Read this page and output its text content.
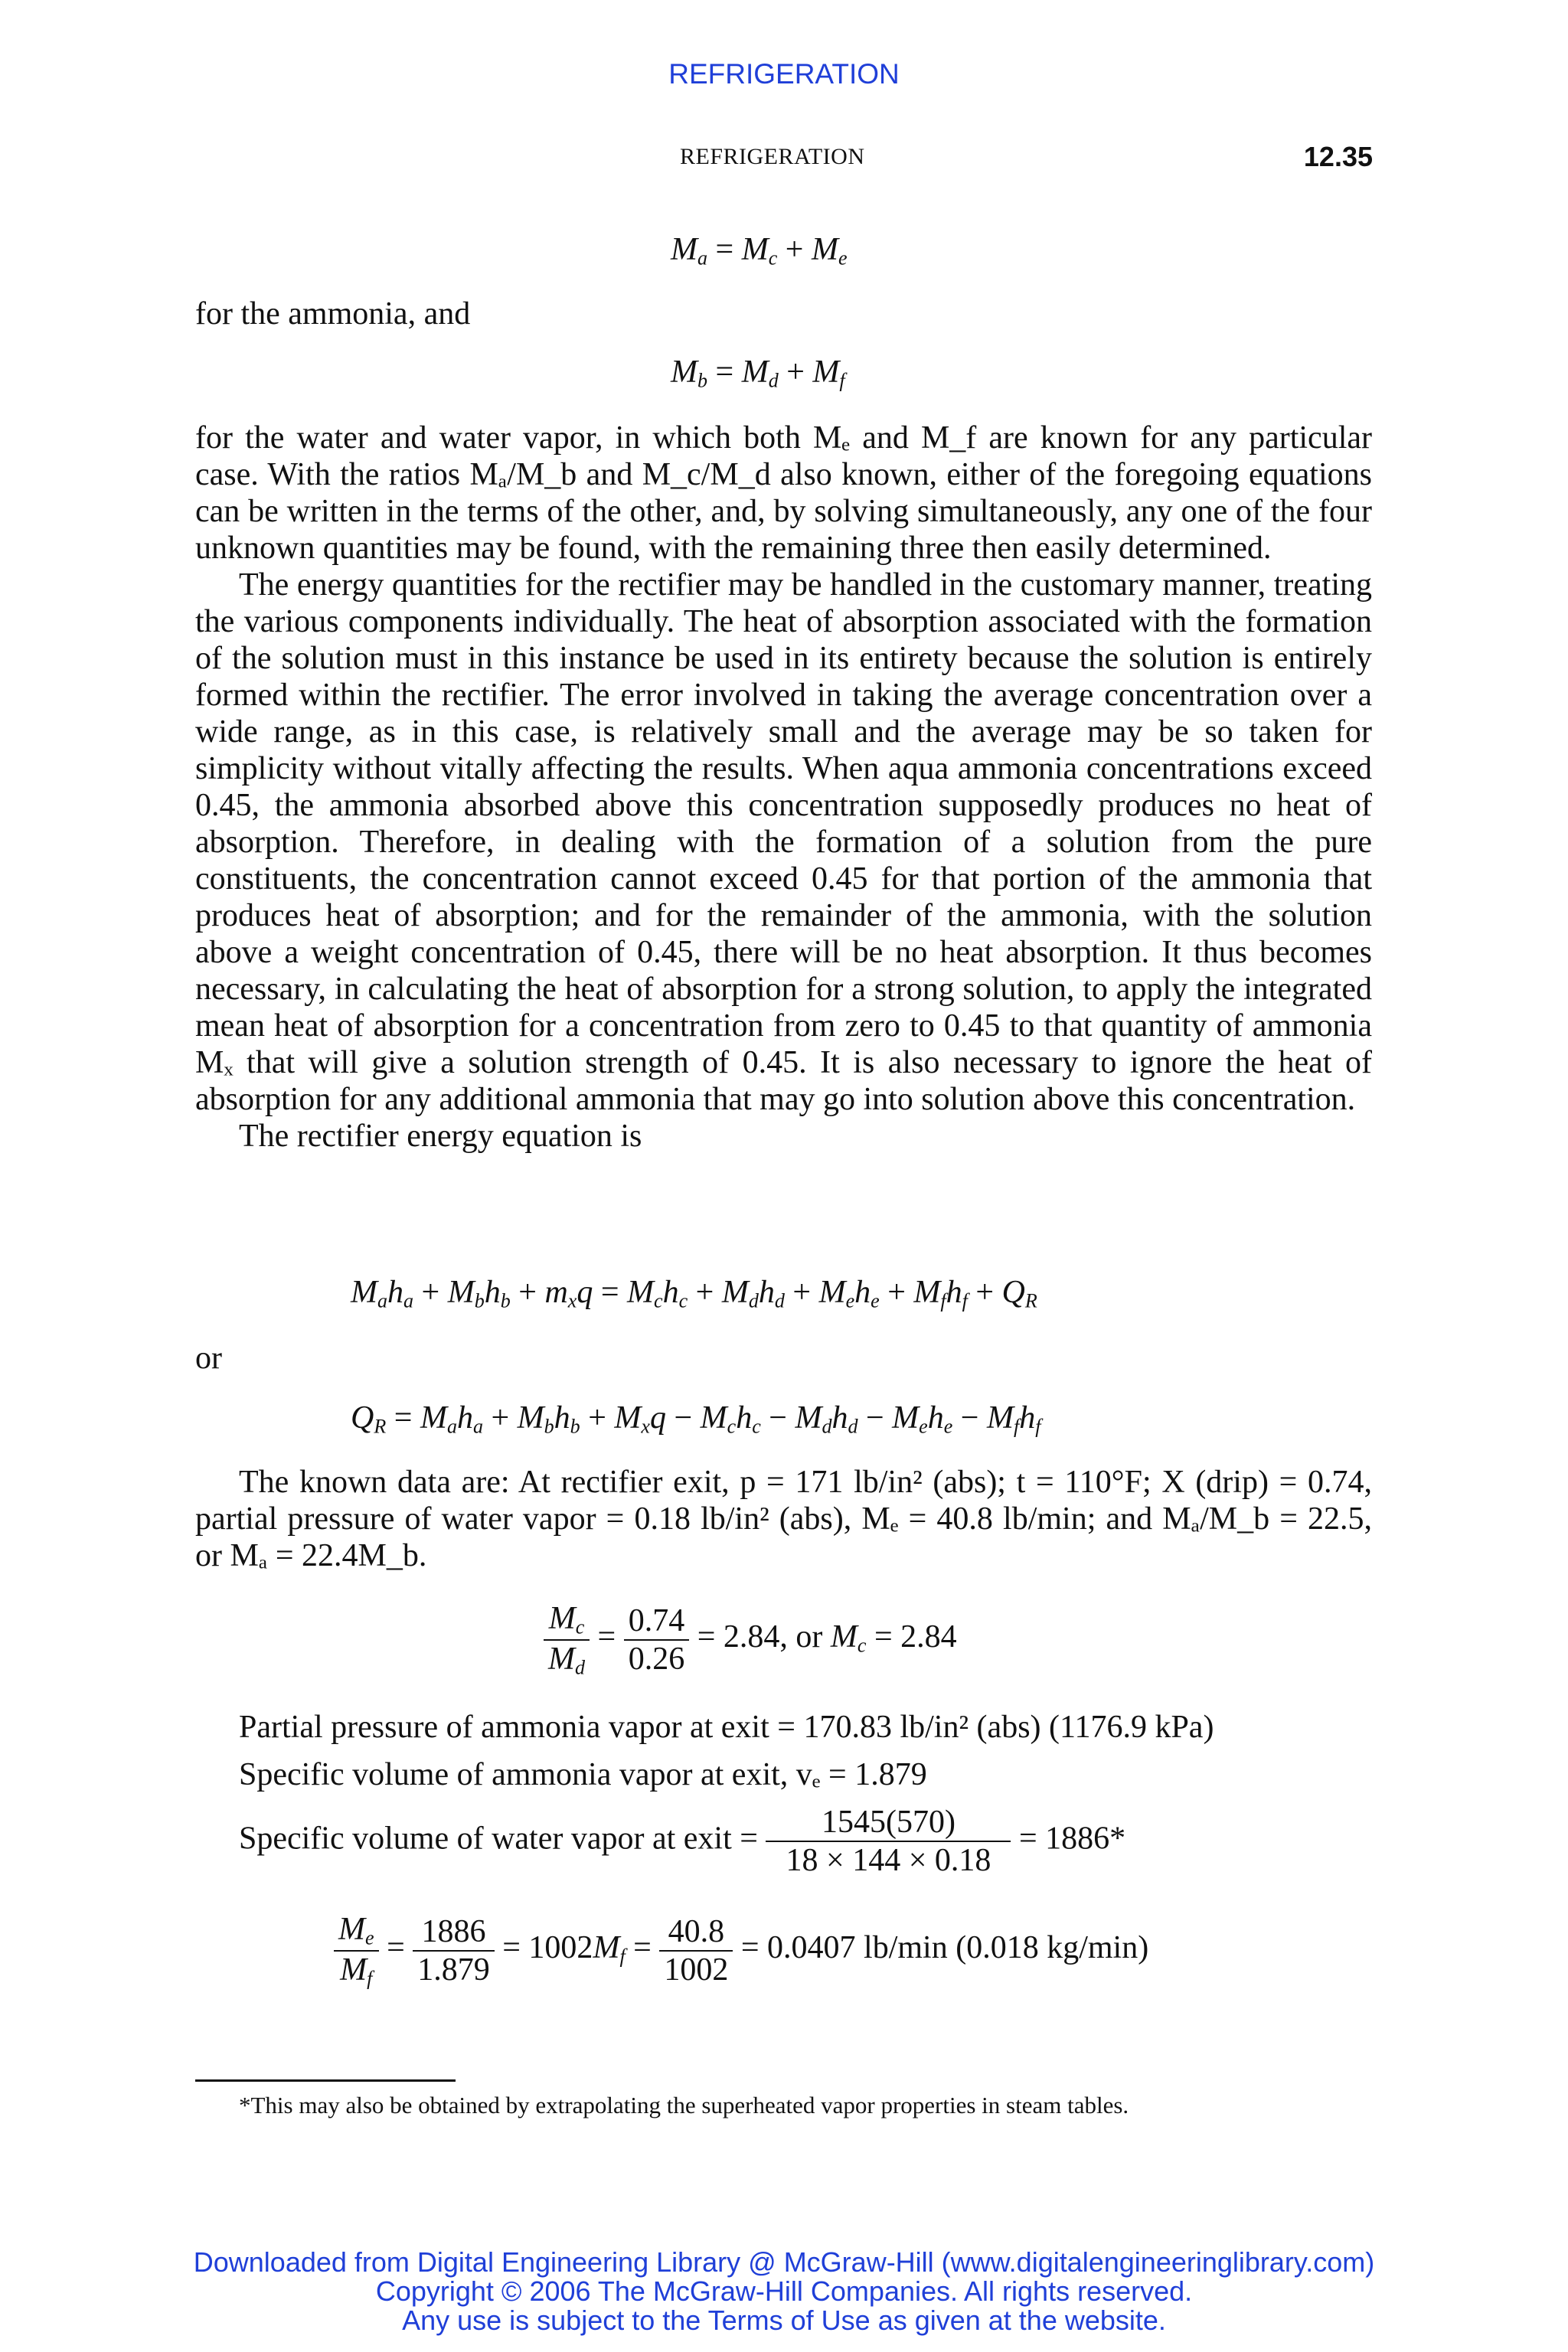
REFRIGERATION
REFRIGERATION	12.35
$M_a = M_c + M_e$
for the ammonia, and
$M_b = M_d + M_f$

for the water and water vapor, in which both Mₑ and M_f are known for any particular case. With the ratios Mₐ/M_b and M_c/M_d also known, either of the foregoing equations can be written in the terms of the other, and, by solving simultaneously, any one of the four unknown quantities may be found, with the remaining three then easily determined.

The energy quantities for the rectifier may be handled in the customary manner, treating the various components individually. The heat of absorption associated with the formation of the solution must in this instance be used in its entirety because the solution is entirely formed within the rectifier. The error involved in taking the average concentration over a wide range, as in this case, is relatively small and the average may be so taken for simplicity without vitally affecting the results. When aqua ammonia concentrations exceed 0.45, the ammonia absorbed above this concentration supposedly produces no heat of absorption. Therefore, in dealing with the formation of a solution from the pure constituents, the concentration cannot exceed 0.45 for that portion of the ammonia that produces heat of absorption; and for the remainder of the ammonia, with the solution above a weight concentration of 0.45, there will be no heat absorption. It thus becomes necessary, in calculating the heat of absorption for a strong solution, to apply the integrated mean heat of absorption for a concentration from zero to 0.45 to that quantity of ammonia Mₓ that will give a solution strength of 0.45. It is also necessary to ignore the heat of absorption for any additional ammonia that may go into solution above this concentration.

The rectifier energy equation is

$M_ah_a + M_bh_b + m_xq = M_ch_c + M_dh_d + M_eh_e + M_fh_f + Q_R$
or
$Q_R = M_ah_a + M_bh_b + M_xq - M_ch_c - M_dh_d - M_eh_e - M_fh_f$

The known data are: At rectifier exit, p = 171 lb/in² (abs); t = 110°F; X (drip) = 0.74, partial pressure of water vapor = 0.18 lb/in² (abs), Mₑ = 40.8 lb/min; and Mₐ/M_b = 22.5, or Mₐ = 22.4M_b.

$\frac{M_c}{M_d} = \frac{0.74}{0.26} = 2.84$, or $M_c = 2.84$
Partial pressure of ammonia vapor at exit = 170.83 lb/in² (abs) (1176.9 kPa)
Specific volume of ammonia vapor at exit, vₑ = 1.879
Specific volume of water vapor at exit = $\frac{1545(570)}{18 \times 144 \times 0.18} = 1886*$
$\frac{M_e}{M_f} = \frac{1886}{1.879} = 1002M_f = \frac{40.8}{1002} = 0.0407$ lb/min (0.018 kg/min)
*This may also be obtained by extrapolating the superheated vapor properties in steam tables.
Downloaded from Digital Engineering Library @ McGraw-Hill (www.digitalengineeringlibrary.com)
Copyright © 2006 The McGraw-Hill Companies. All rights reserved.
Any use is subject to the Terms of Use as given at the website.
